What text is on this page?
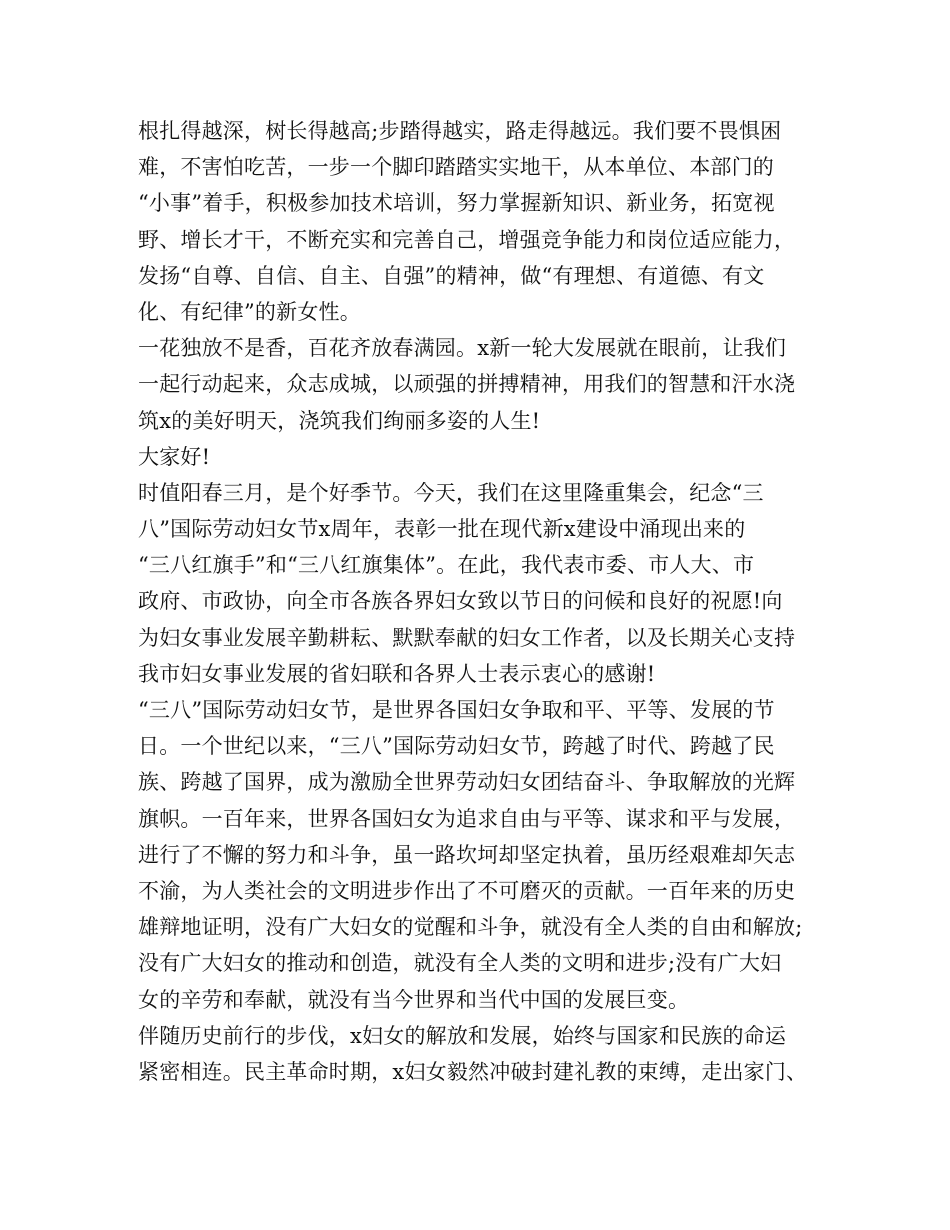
根扎得越深，树长得越高;步踏得越实，路走得越远。我们要不畏惧困
难，不害怕吃苦，一步一个脚印踏踏实实地干，从本单位、本部门的
“小事”着手，积极参加技术培训，努力掌握新知识、新业务，拓宽视
野、增长才干，不断充实和完善自己，增强竞争能力和岗位适应能力，
发扬“自尊、自信、自主、自强”的精神，做“有理想、有道德、有文
化、有纪律”的新女性。
一花独放不是香，百花齐放春满园。x新一轮大发展就在眼前，让我们
一起行动起来，众志成城，以顽强的拼搏精神，用我们的智慧和汗水浇
筑x的美好明天，浇筑我们绚丽多姿的人生!
大家好!
时值阳春三月，是个好季节。今天，我们在这里隆重集会，纪念“三
八”国际劳动妇女节x周年，表彰一批在现代新x建设中涌现出来的
“三八红旗手”和“三八红旗集体”。在此，我代表市委、市人大、市
政府、市政协，向全市各族各界妇女致以节日的问候和良好的祝愿!向
为妇女事业发展辛勤耕耘、默默奉献的妇女工作者，以及长期关心支持
我市妇女事业发展的省妇联和各界人士表示衷心的感谢!
“三八”国际劳动妇女节，是世界各国妇女争取和平、平等、发展的节
日。一个世纪以来，“三八”国际劳动妇女节，跨越了时代、跨越了民
族、跨越了国界，成为激励全世界劳动妇女团结奋斗、争取解放的光辉
旗帜。一百年来，世界各国妇女为追求自由与平等、谋求和平与发展，
进行了不懈的努力和斗争，虽一路坎坷却坚定执着，虽历经艰难却矢志
不渝，为人类社会的文明进步作出了不可磨灭的贡献。一百年来的历史
雄辩地证明，没有广大妇女的觉醒和斗争，就没有全人类的自由和解放;
没有广大妇女的推动和创造，就没有全人类的文明和进步;没有广大妇
女的辛劳和奉献，就没有当今世界和当代中国的发展巨变。
伴随历史前行的步伐，x妇女的解放和发展，始终与国家和民族的命运
紧密相连。民主革命时期，x妇女毅然冲破封建礼教的束缚，走出家门、
